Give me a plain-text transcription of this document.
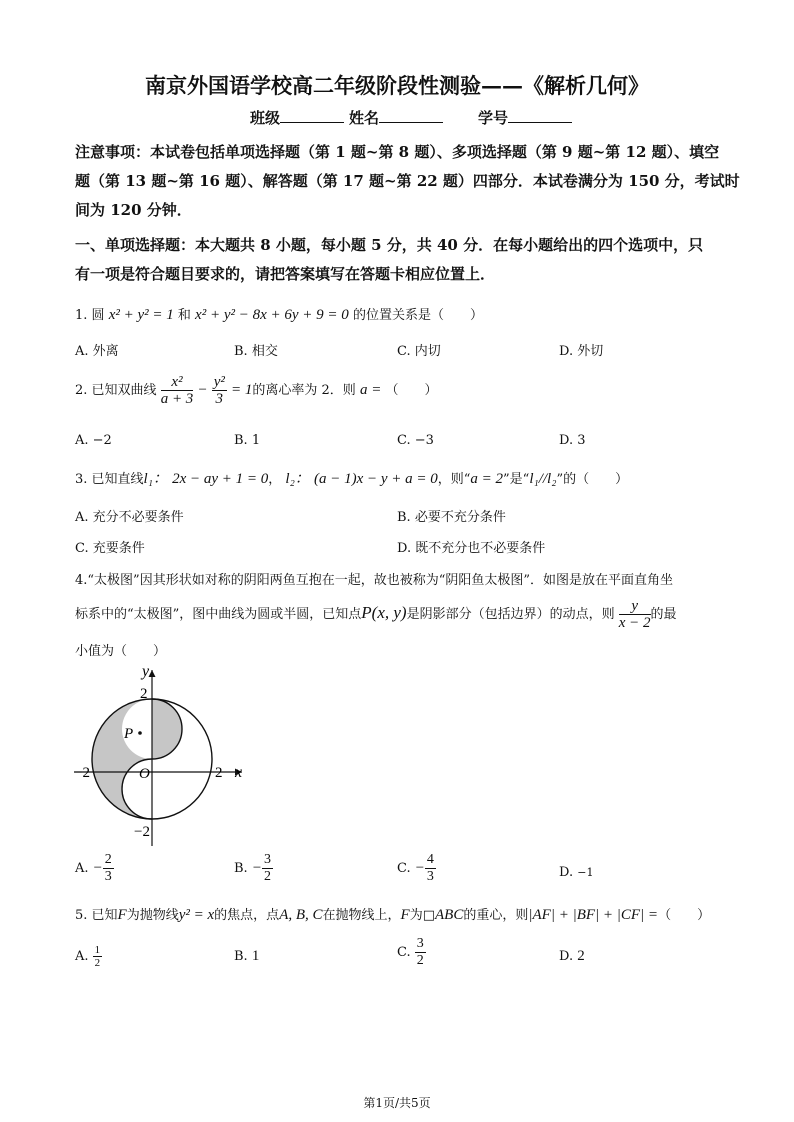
南京外国语学校高二年级阶段性测验——《解析几何》
班级	姓名	学号
注意事项：本试卷包括单项选择题（第 1 题~第 8 题）、多项选择题（第 9 题~第 12 题）、填空
题（第 13 题~第 16 题）、解答题（第 17 题~第 22 题）四部分．本试卷满分为 150 分，考试时
间为 120 分钟．
一、单项选择题：本大题共 8 小题，每小题 5 分，共 40 分．在每小题给出的四个选项中，只
有一项是符合题目要求的，请把答案填写在答题卡相应位置上．
1. 圆 x² + y² = 1 和 x² + y² − 8x + 6y + 9 = 0 的位置关系是（　　）
A. 外离	B. 相交	C. 内切	D. 外切
2. 已知双曲线 $\frac{\text{x²}}{a + 3} - \frac{\text{y²}}{3} = 1$的离心率为 2．则 a = （　　）
A. −2	B. 1	C. −3	D. 3
3. 已知直线l₁： 2x − ay + 1 = 0， l₂： (a − 1)x − y + a = 0，则“a = 2”是“l₁//l₂”的（　　）
A. 充分不必要条件	B. 必要不充分条件
C. 充要条件	D. 既不充分也不必要条件
4.“太极图”因其形状如对称的阴阳两鱼互抱在一起，故也被称为“阴阳鱼太极图”．如图是放在平面直角坐
标系中的“太极图”，图中曲线为圆或半圆，已知点P(x, y)是阴影部分（包括边界）的动点，则 $\frac{y}{x - 2}$ 的最
小值为（　　）
y
x
2
−2
−2	2
O
P
A. − $\frac{2}{3}$	B. − $\frac{3}{2}$	C. − $\frac{4}{3}$	D. −1
5. 已知F为抛物线y² = x的焦点，点A, B, C在抛物线上，F为□ABC的重心，则|AF| + |BF| + |CF| =（　　）
A. $\frac{1}{2}$	B. 1	C. $\frac{3}{2}$	D. 2
第1页/共5页
